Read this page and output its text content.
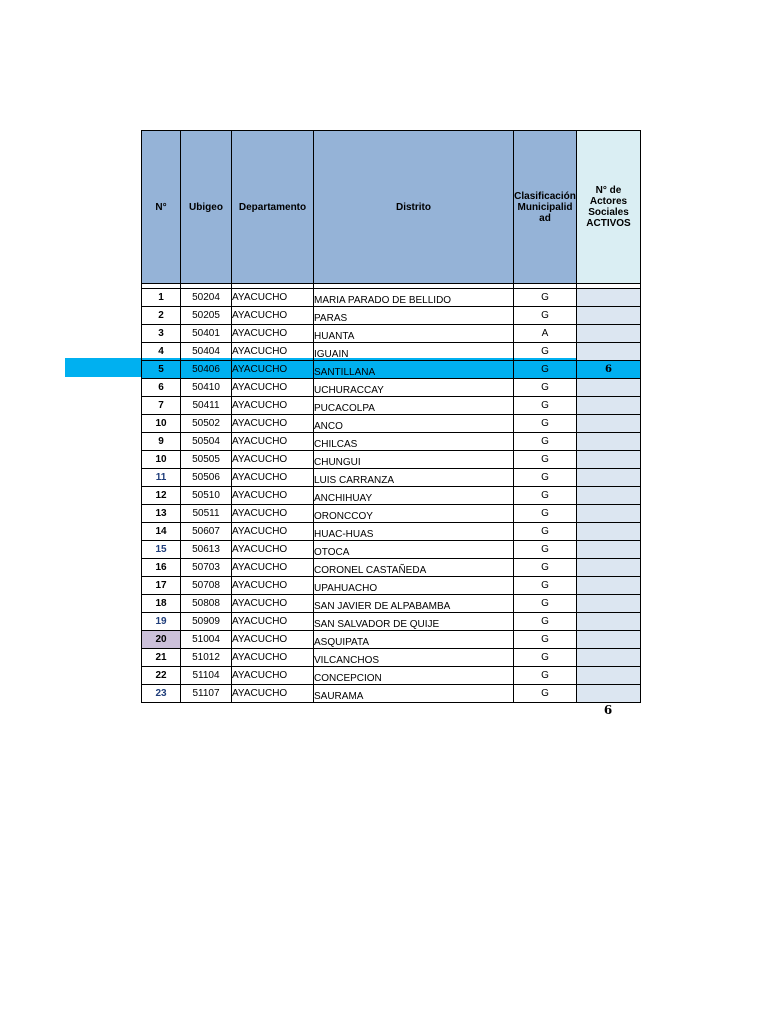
N°	Ubigeo	Departamento	Distrito	Clasificación Municipalid ad	N° de Actores Sociales ACTIVOS

1	50204	AYACUCHO	MARIA PARADO DE BELLIDO	G	
2	50205	AYACUCHO	PARAS	G	
3	50401	AYACUCHO	HUANTA	A	
4	50404	AYACUCHO	IGUAIN	G	
5	50406	AYACUCHO	SANTILLANA	G	6
6	50410	AYACUCHO	UCHURACCAY	G	
7	50411	AYACUCHO	PUCACOLPA	G	
10	50502	AYACUCHO	ANCO	G	
9	50504	AYACUCHO	CHILCAS	G	
10	50505	AYACUCHO	CHUNGUI	G	
11	50506	AYACUCHO	LUIS CARRANZA	G	
12	50510	AYACUCHO	ANCHIHUAY	G	
13	50511	AYACUCHO	ORONCCOY	G	
14	50607	AYACUCHO	HUAC-HUAS	G	
15	50613	AYACUCHO	OTOCA	G	
16	50703	AYACUCHO	CORONEL CASTAÑEDA	G	
17	50708	AYACUCHO	UPAHUACHO	G	
18	50808	AYACUCHO	SAN JAVIER DE ALPABAMBA	G	
19	50909	AYACUCHO	SAN SALVADOR DE QUIJE	G	
20	51004	AYACUCHO	ASQUIPATA	G	
21	51012	AYACUCHO	VILCANCHOS	G	
22	51104	AYACUCHO	CONCEPCION	G	
23	51107	AYACUCHO	SAURAMA	G	
6
